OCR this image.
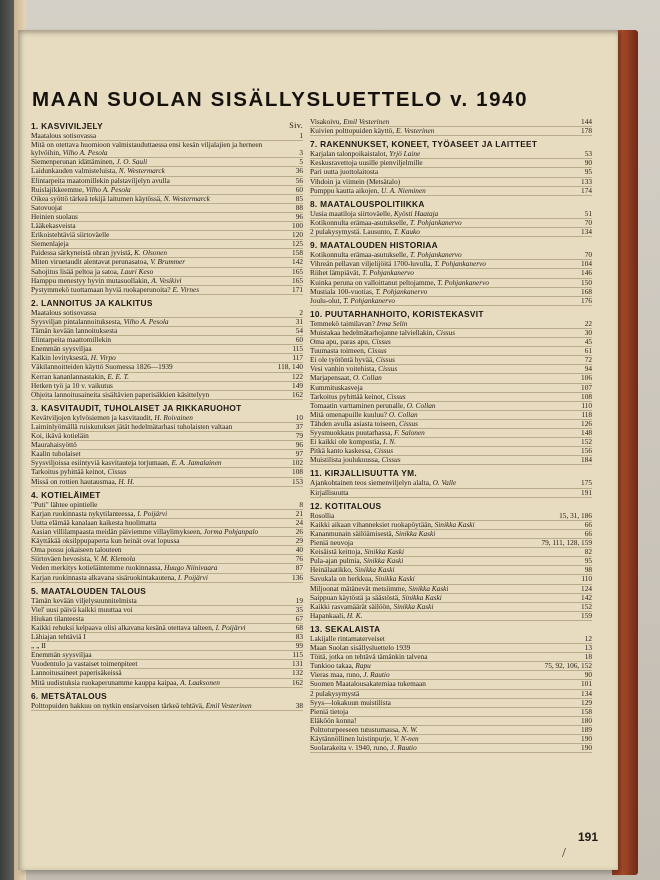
MAAN SUOLAN SISÄLLYSLUETTELO v. 1940
1. KASVIVILJELY	Siv.
Maatalous sotisovassa	1
Mitä on otettava huomioon valmistauduttaessa ensi kesän viljalajien ja herneen kylvöihin, Vilho A. Pesola	3
Siemenperunan idättäminen, J. O. Sauli	5
Laidunkauden valmisteluista, N. Westermarck	36
Elintarpeita maatomillekin palstaviljelyn avulla	56
Ruislajikkeemme, Vilho A. Pesola	60
Oikea syöttö tärkeä tekijä laitumen käytössä, N. Westermarck	85
Satovuojat	88
Heinien suolaus	96
Lääkekasveista	100
Erikoistehtäviä siirtoväelle	120
Siemenlajeja	125
Paidessa särkyneistä ohran jyvistä, K. Olsonen	158
Miten viruetaudit alentavat perunasatoa, V. Brummer	142
Sahojitus lisää peltoa ja satoa, Lauri Keso	165
Hamppu menestyy hyvin mutasuollakin, A. Vesikivi	165
Pystymmekö tuottamaan hyviä ruokaperunoita? E. Virnes	171
2. LANNOITUS JA KALKITUS
Maatalous sotisovassa	2
Syysviljan pintalannoituksesta, Vilho A. Pesola	31
Tämän kevään lannoituksesta	54
Elintarpeita maattomillekin	60
Enemmän syysviljaa	115
Kalkin levityksestä, H. Virpo	117
Väkilannoitteiden käyttö Suomessa 1826—1939	118, 140
Kerran kananlannastakin, E. E. T.	122
Hetken työ ja 10 v. vaikutus	149
Ohjeita lannoitusaineita sisältävien paperisäkkien käsittelyyn	162
3. KASVITAUDIT, TUHOLAISET JA RIKKARUOHOT
Kevätviljojen kylvösiemen ja kasvitaudit, H. Roivainen	10
Laiminlyömällä ruiskutukset jätät hedelmätarhasi tuholaisten valtaan	37
Koi, ikävä kotieläin	79
Maurahaisyöttö	96
Kaalin tuholaiset	97
Syysviljoissa esiintyviä kasvitauteja torjumaan, E. A. Jamalainen	102
Tarkoitus pyhittää keinot, Cissus	108
Missä on rottien hautausmaa, H. H.	153
4. KOTIELÄIMET
"Puti" lähtee opintielle	8
Karjan ruokinnasta nykytilanteessa, I. Poijärvi	21
Uutta elämää kanalaan kaikesta huolimatta	24
Aasian villilampaasta meidän päiviemme villaylimykseen, Jorma Pohjanpalo	26
Käyttäkää oksilppupaperta kun heinät ovat lopussa	29
Oma possu jokaiseen talouteen	40
Siirtoväen hevosista, V. M. Klemola	76
Veden merkitys kotieläintemme ruokinnassa, Huugo Niinivaara	87
Karjan ruokinnasta alkavana sisäruokintakautena, I. Poijärvi	136
5. MAATALOUDEN TALOUS
Tämän kevään viljelysuunnitelmista	19
Viel' uusi päivä kaikki muuttaa voi	35
Hiukan tilanteesta	67
Kaikki rehuksi kelpaava olisi alkavana kesänä otettava talteen, I. Poijärvi	68
Lähiajan tehtäviä I	83
„ „ II	99
Enemmän syysviljaa	115
Vuodentulo ja vastaiset toimenpiteet	131
Lannoitusaineet paperisäkeissä	132
Mitä uudistuksia ruokaperunamme kauppa kaipaa, A. Laaksonen	162
6. METSÄTALOUS
Polttopuiden hakkuu on nytkin ensiarvoisen tärkeä tehtävä, Emil Vesterinen	38
Visakoivu, Emil Vesterinen	144
Kuivien polttopuiden käyttö, E. Vesterinen	178
7. RAKENNUKSET, KONEET, TYÖASEET JA LAITTEET
Karjalan talonpoikaistalot, Yrjö Laine	53
Keskusravettoja uusille pienviljelmille	90
Pari uutta juottolaitosta	95
Vihdoin ja viimein (Metsätalo)	133
Pumppu kautta aikojen, U. A. Nieminen	174
8. MAATALOUSPOLITIIKKA
Uusia maatiloja siirtoväelle, Kyösti Haataja	51
Kotikonnulta erämaa-asutukselle, T. Pohjankanervo	70
2 pulakysymystä. Lausunto, T. Kauko	134
9. MAATALOUDEN HISTORIAA
Kotikonnulta erämaa-asutukselle, T. Pohjankanervo	70
Vihreän pellavan viljelijöitä 1700-luvulla, T. Pohjankanervo	104
Riihet lämpiävät, T. Pohjankanervo	146
Kuinka peruna on valloittanut peltojamme, T. Pohjankanervo	150
Mustiala 100-vuotias, T. Pohjankanervo	168
Joulu-olut, T. Pohjankanervo	176
10. PUUTARHANHOITO, KORISTEKASVIT
Temmekö taimilavan? Irma Selin	22
Muistakaa hedelmätarhojanne talviellakin, Cissus	30
Oma apu, paras apu, Cissus	45
Tuumasta toimeen, Cissus	61
Ei ole työtöntä hyvää, Cissus	72
Vesi vanhin voitehista, Cissus	94
Marjapensaat, O. Collan	106
Kummituskasveja	107
Tarkoitus pyhittää keinot, Cissus	108
Tomaatin varttaminen perunalle, O. Collan	110
Mitä omenapuille kuuluu? O. Collan	118
Tähden avulla asiasta toiseen, Cissus	126
Syysmuokkaus puutarhassa, F. Salonen	148
Ei kaikki ole kompostia, I. N.	152
Pitkä kanto kaskessa, Cissus	156
Muistilista joulukuussa, Cissus	184
11. KIRJALLISUUTTA YM.
Ajankohtainen teos siemenviljelyn alalta, O. Valle	175
Kirjallisuutta	191
12. KOTITALOUS
Rosollia	15, 31, 186
Kaikki aikaan vihanneksiet ruokapöytään, Sinikka Kaski	66
Kananmunain säilöämisestä, Sinikka Kaski	66
Pieniä neuvoja	79, 111, 128, 159
Keisäistä keittoja, Sinikka Kaski	82
Pula-ajan pulmia, Sinikka Kaski	95
Heinälaatikko, Sinikka Kaski	98
Savukala on herkkua, Sinikka Kaski	110
Miljoonat mätänevät metsiimme, Sinikka Kaski	124
Saippuan käytöstä ja säästöstä, Sinikka Kaski	142
Kaikki rasvamäärät säilöön, Sinikka Kaski	152
Hapankaali, H. K.	159
13. SEKALAISTA
Lakijalle rintamaterveiset	12
Maan Suolan sisällysluettelo 1939	13
Töitä, jotka on tehtävä tämänkin talvena	18
Tunkioo takaa, Rapu	75, 92, 106, 152
Vieras maa, runo, J. Rautio	90
Suomen Maatalousakatemiaa tukemaan	101
2 pulakysymystä	134
Syys—lokakuun muistilista	129
Pieniä tietoja	158
Eläköön konna!	180
Polttoturpeeseen tutustumassa, N. W.	189
Käytännöllinen luistinpurje, V. N-nen	190
Suolarakeita v. 1940, runo, J. Rautio	190
191
/
